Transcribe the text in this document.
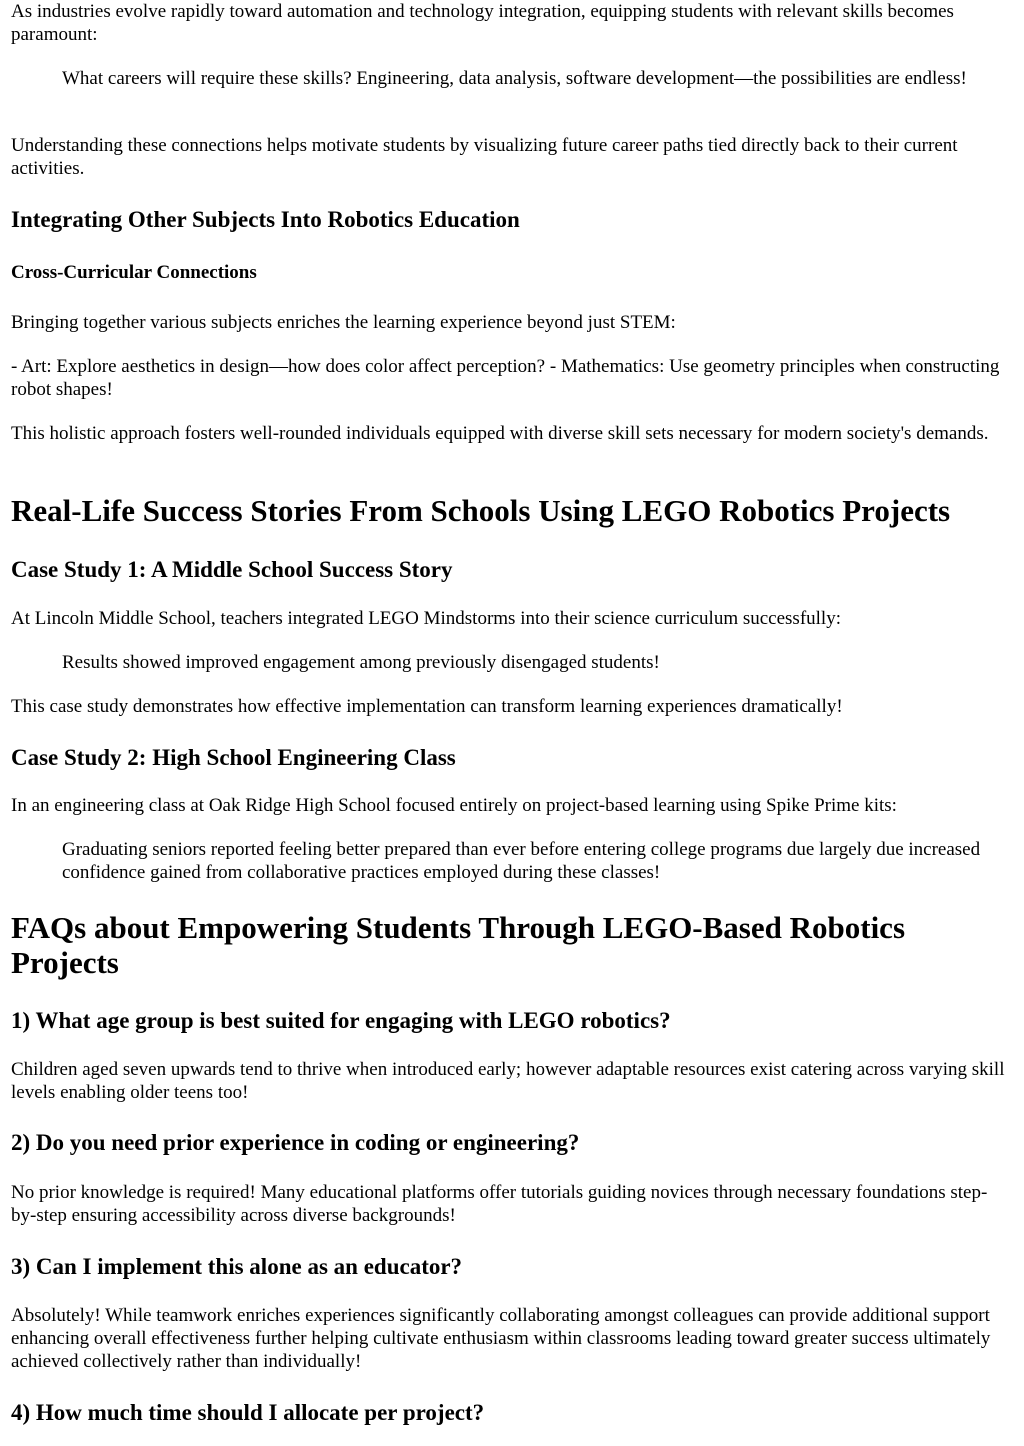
As industries evolve rapidly toward automation and technology integration, equipping students with relevant skills becomes paramount:

What careers will require these skills? Engineering, data analysis, software development—the possibilities are endless!

Understanding these connections helps motivate students by visualizing future career paths tied directly back to their current activities.

Integrating Other Subjects Into Robotics Education
Cross-Curricular Connections

Bringing together various subjects enriches the learning experience beyond just STEM:

- Art: Explore aesthetics in design—how does color affect perception? - Mathematics: Use geometry principles when constructing robot shapes!

This holistic approach fosters well-rounded individuals equipped with diverse skill sets necessary for modern society's demands.

Real-Life Success Stories From Schools Using LEGO Robotics Projects
Case Study 1: A Middle School Success Story

At Lincoln Middle School, teachers integrated LEGO Mindstorms into their science curriculum successfully:

Results showed improved engagement among previously disengaged students!

This case study demonstrates how effective implementation can transform learning experiences dramatically!

Case Study 2: High School Engineering Class

In an engineering class at Oak Ridge High School focused entirely on project-based learning using Spike Prime kits:

Graduating seniors reported feeling better prepared than ever before entering college programs due largely due increased confidence gained from collaborative practices employed during these classes!
FAQs about Empowering Students Through LEGO-Based Robotics Projects
1) What age group is best suited for engaging with LEGO robotics?

Children aged seven upwards tend to thrive when introduced early; however adaptable resources exist catering across varying skill levels enabling older teens too!

2) Do you need prior experience in coding or engineering?

No prior knowledge is required! Many educational platforms offer tutorials guiding novices through necessary foundations step-by-step ensuring accessibility across diverse backgrounds!

3) Can I implement this alone as an educator?

Absolutely! While teamwork enriches experiences significantly collaborating amongst colleagues can provide additional support enhancing overall effectiveness further helping cultivate enthusiasm within classrooms leading toward greater success ultimately achieved collectively rather than individually!

4) How much time should I allocate per project?
